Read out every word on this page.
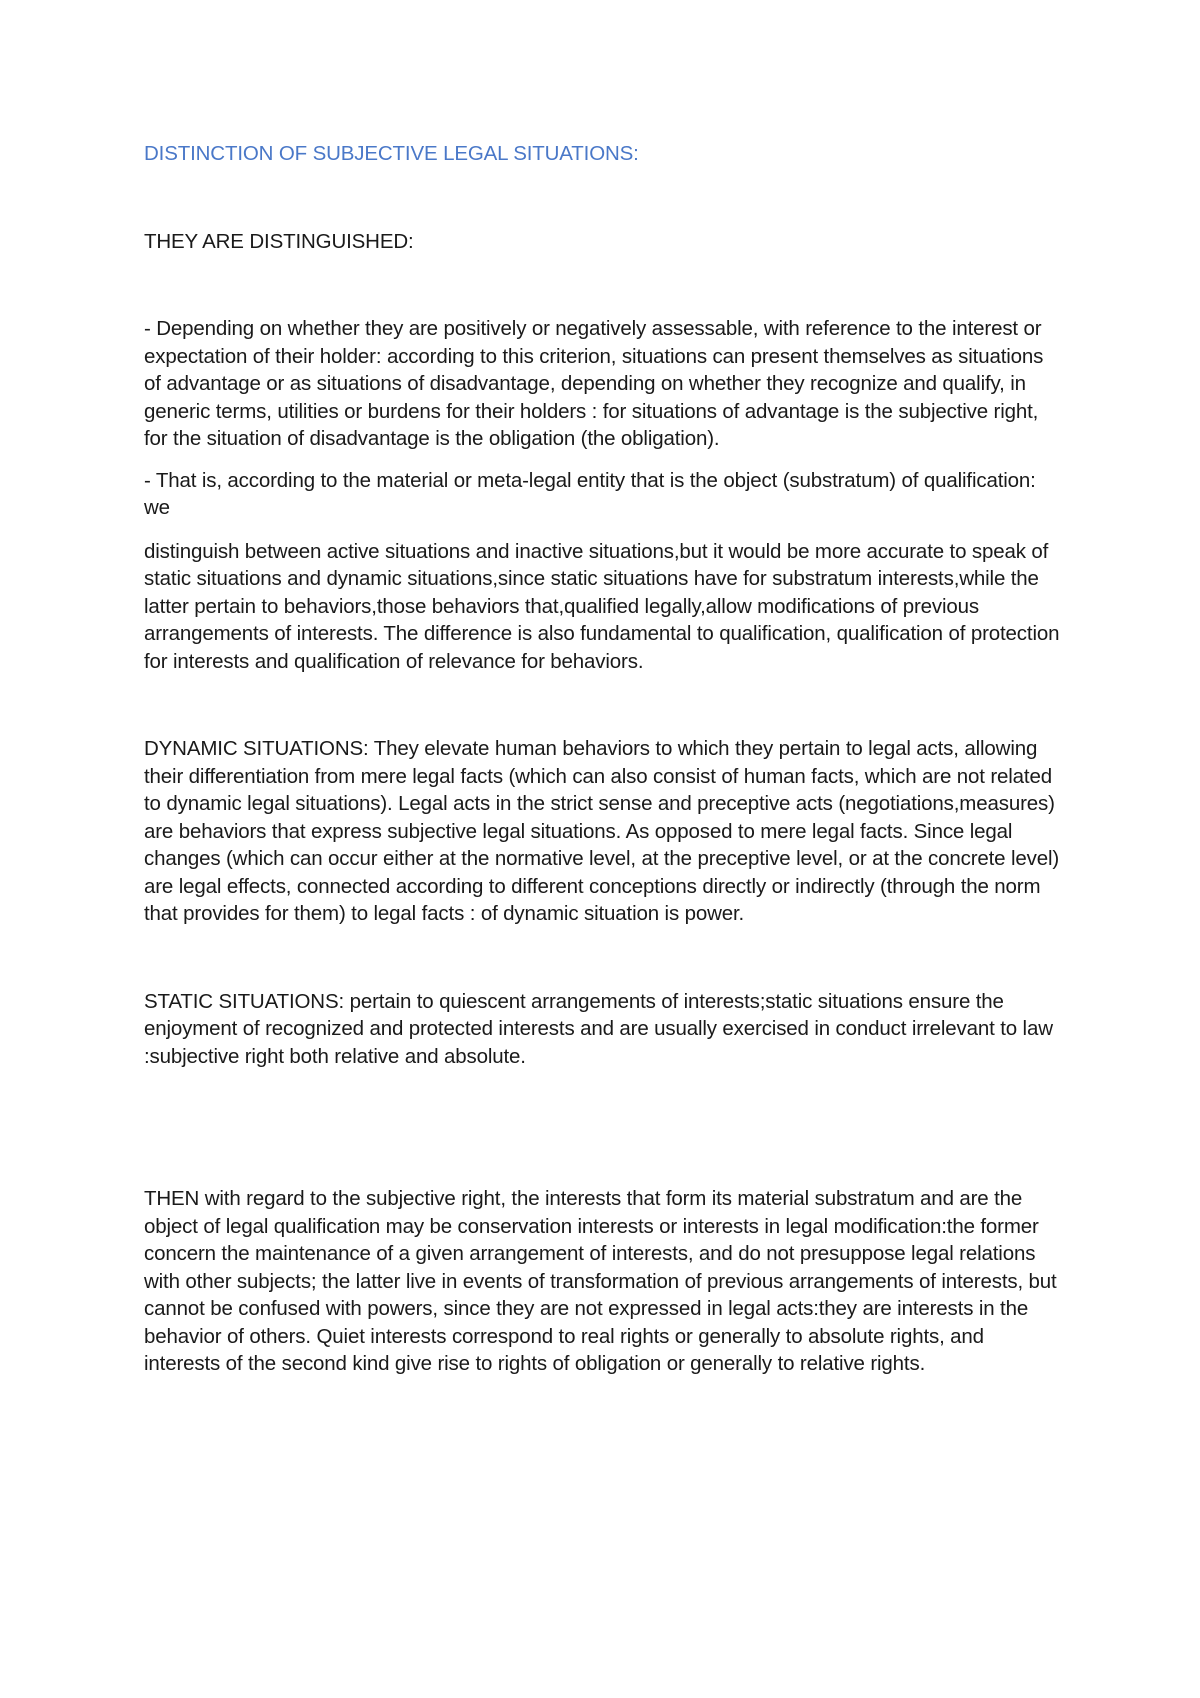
DISTINCTION OF SUBJECTIVE LEGAL SITUATIONS:

THEY ARE DISTINGUISHED:

- Depending on whether they are positively or negatively assessable, with reference to the interest or expectation of their holder: according to this criterion, situations can present themselves as situations of advantage or as situations of disadvantage, depending on whether they recognize and qualify, in generic terms, utilities or burdens for their holders : for situations of advantage is the subjective right, for the situation of disadvantage is the obligation (the obligation).

- That is, according to the material or meta-legal entity that is the object (substratum) of qualification: we

distinguish between active situations and inactive situations,but it would be more accurate to speak of static situations and dynamic situations,since static situations have for substratum interests,while the latter pertain to behaviors,those behaviors that,qualified legally,allow modifications of previous arrangements of interests. The difference is also fundamental to qualification, qualification of protection for interests and qualification of relevance for behaviors.

DYNAMIC SITUATIONS: They elevate human behaviors to which they pertain to legal acts, allowing their differentiation from mere legal facts (which can also consist of human facts, which are not related to dynamic legal situations). Legal acts in the strict sense and preceptive acts (negotiations,measures) are behaviors that express subjective legal situations. As opposed to mere legal facts. Since legal changes (which can occur either at the normative level, at the preceptive level, or at the concrete level) are legal effects, connected according to different conceptions directly or indirectly (through the norm that provides for them) to legal facts : of dynamic situation is power.

STATIC SITUATIONS: pertain to quiescent arrangements of interests;static situations ensure the enjoyment of recognized and protected interests and are usually exercised in conduct irrelevant to law :subjective right both relative and absolute.

THEN with regard to the subjective right, the interests that form its material substratum and are the object of legal qualification may be conservation interests or interests in legal modification:the former concern the maintenance of a given arrangement of interests, and do not presuppose legal relations with other subjects; the latter live in events of transformation of previous arrangements of interests, but cannot be confused with powers, since they are not expressed in legal acts:they are interests in the behavior of others. Quiet interests correspond to real rights or generally to absolute rights, and interests of the second kind give rise to rights of obligation or generally to relative rights.
